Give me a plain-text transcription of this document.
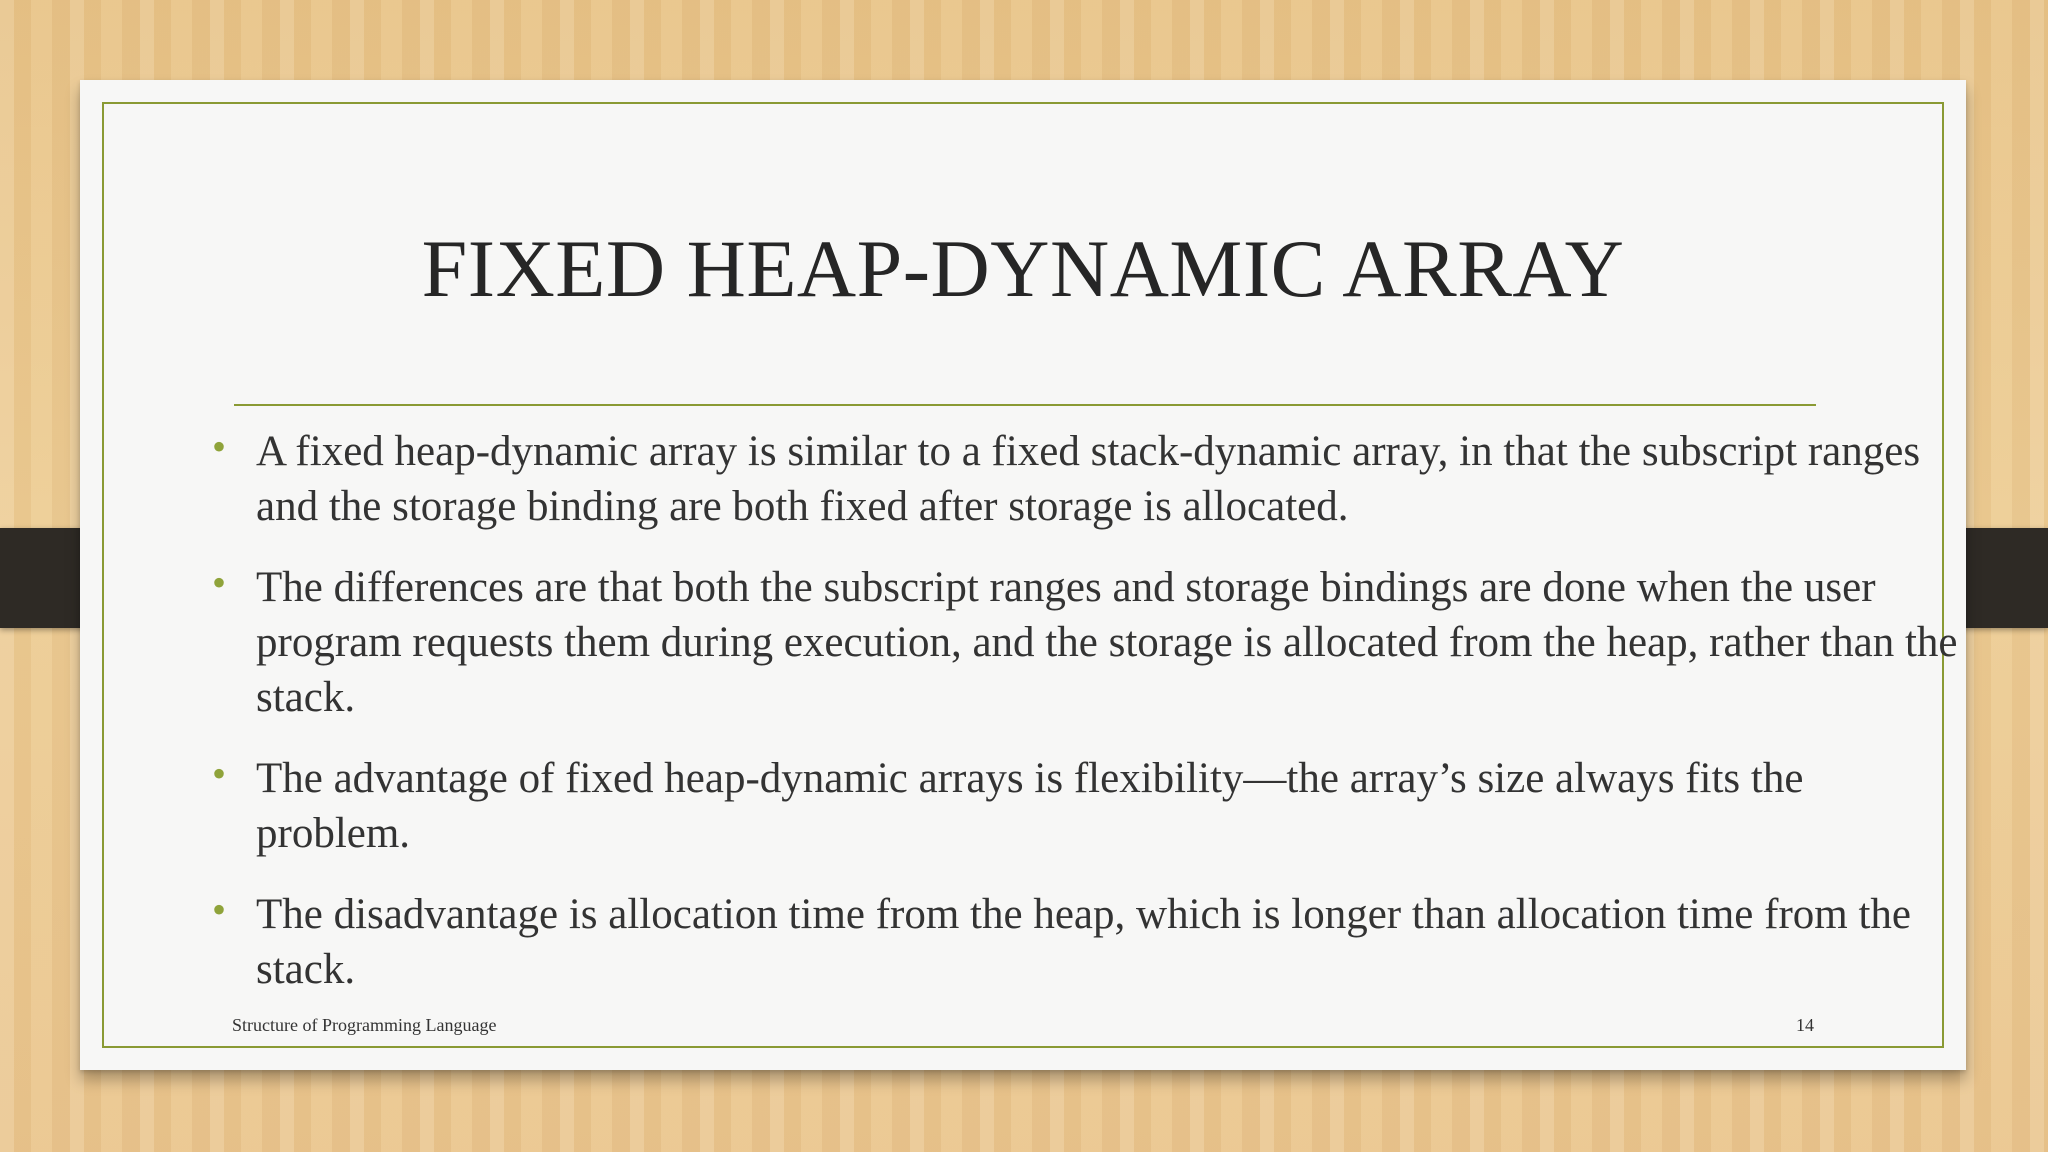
FIXED HEAP-DYNAMIC ARRAY
• A fixed heap-dynamic array is similar to a fixed stack-dynamic array, in that the subscript ranges and the storage binding are both fixed after storage is allocated.
• The differences are that both the subscript ranges and storage bindings are done when the user program requests them during execution, and the storage is allocated from the heap, rather than the stack.
• The advantage of fixed heap-dynamic arrays is flexibility—the array’s size always fits the problem.
• The disadvantage is allocation time from the heap, which is longer than allocation time from the stack.
Structure of Programming Language	14
